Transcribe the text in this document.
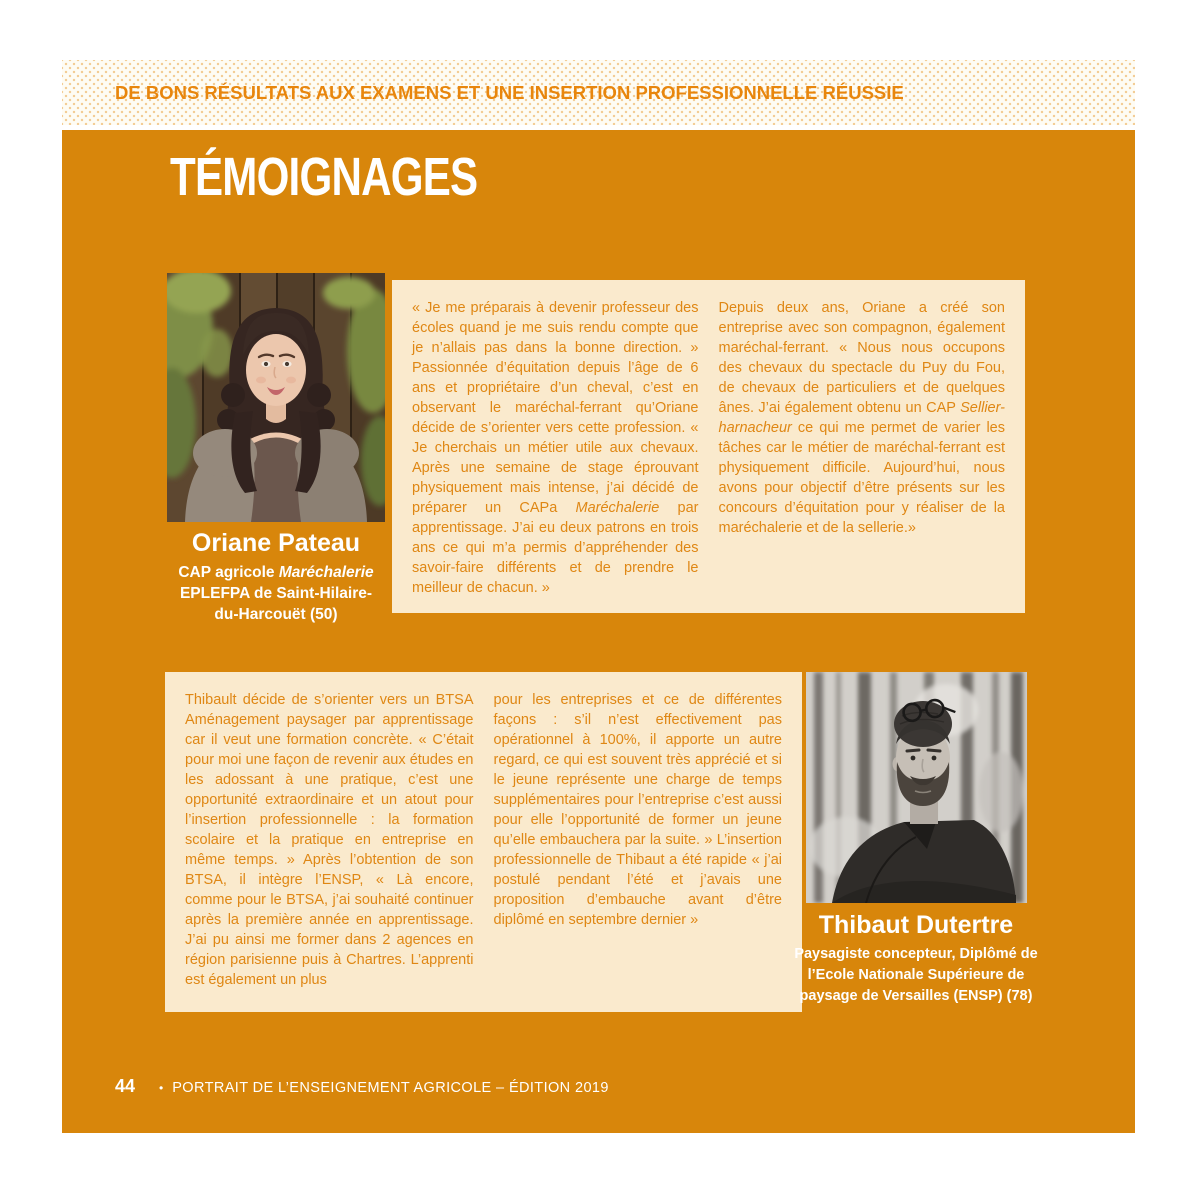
DE BONS RÉSULTATS AUX EXAMENS ET UNE INSERTION PROFESSIONNELLE RÉUSSIE
TÉMOIGNAGES
Oriane Pateau
CAP agricole Maréchalerie
EPLEFPA de Saint-Hilaire-du-Harcouët (50)
« Je me préparais à devenir professeur des écoles quand je me suis rendu compte que je n’allais pas dans la bonne direction. » Passionnée d’équitation depuis l’âge de 6 ans et propriétaire d’un cheval, c’est en observant le maréchal-ferrant qu’Oriane décide de s’orienter vers cette profession. « Je cherchais un métier utile aux chevaux. Après une semaine de stage éprouvant physiquement mais intense, j’ai décidé de préparer un CAPa Maréchalerie par apprentissage. J’ai eu deux patrons en trois ans ce qui m’a permis d’appréhender des savoir-faire différents et de prendre le meilleur de chacun. »
Depuis deux ans, Oriane a créé son entreprise avec son compagnon, également maréchal-ferrant. « Nous nous occupons des chevaux du spectacle du Puy du Fou, de chevaux de particuliers et de quelques ânes. J’ai également obtenu un CAP Sellier-harnacheur ce qui me permet de varier les tâches car le métier de maréchal-ferrant est physiquement difficile. Aujourd’hui, nous avons pour objectif d’être présents sur les concours d’équitation pour y réaliser de la maréchalerie et de la sellerie.»
Thibault décide de s’orienter vers un BTSA Aménagement paysager par apprentissage car il veut une formation concrète. « C’était pour moi une façon de revenir aux études en les adossant à une pratique, c’est une opportunité extraordinaire et un atout pour l’insertion professionnelle : la formation scolaire et la pratique en entreprise en même temps. » Après l’obtention de son BTSA, il intègre l’ENSP, « Là encore, comme pour le BTSA, j’ai souhaité continuer après la première année en apprentissage. J’ai pu ainsi me former dans 2 agences en région parisienne puis à Chartres. L’apprenti est également un plus
pour les entreprises et ce de différentes façons : s’il n’est effectivement pas opérationnel à 100%, il apporte un autre regard, ce qui est souvent très apprécié et si le jeune représente une charge de temps supplémentaires pour l’entreprise c’est aussi pour elle l’opportunité de former un jeune qu’elle embauchera par la suite. » L’insertion professionnelle de Thibaut a été rapide « j’ai postulé pendant l’été et j’avais une proposition d’embauche avant d’être diplômé en septembre dernier »	Thibaut Dutertre
Paysagiste concepteur, Diplômé de l’Ecole Nationale Supérieure de paysage de Versailles (ENSP) (78)
44 • PORTRAIT DE L’ENSEIGNEMENT AGRICOLE – ÉDITION 2019
